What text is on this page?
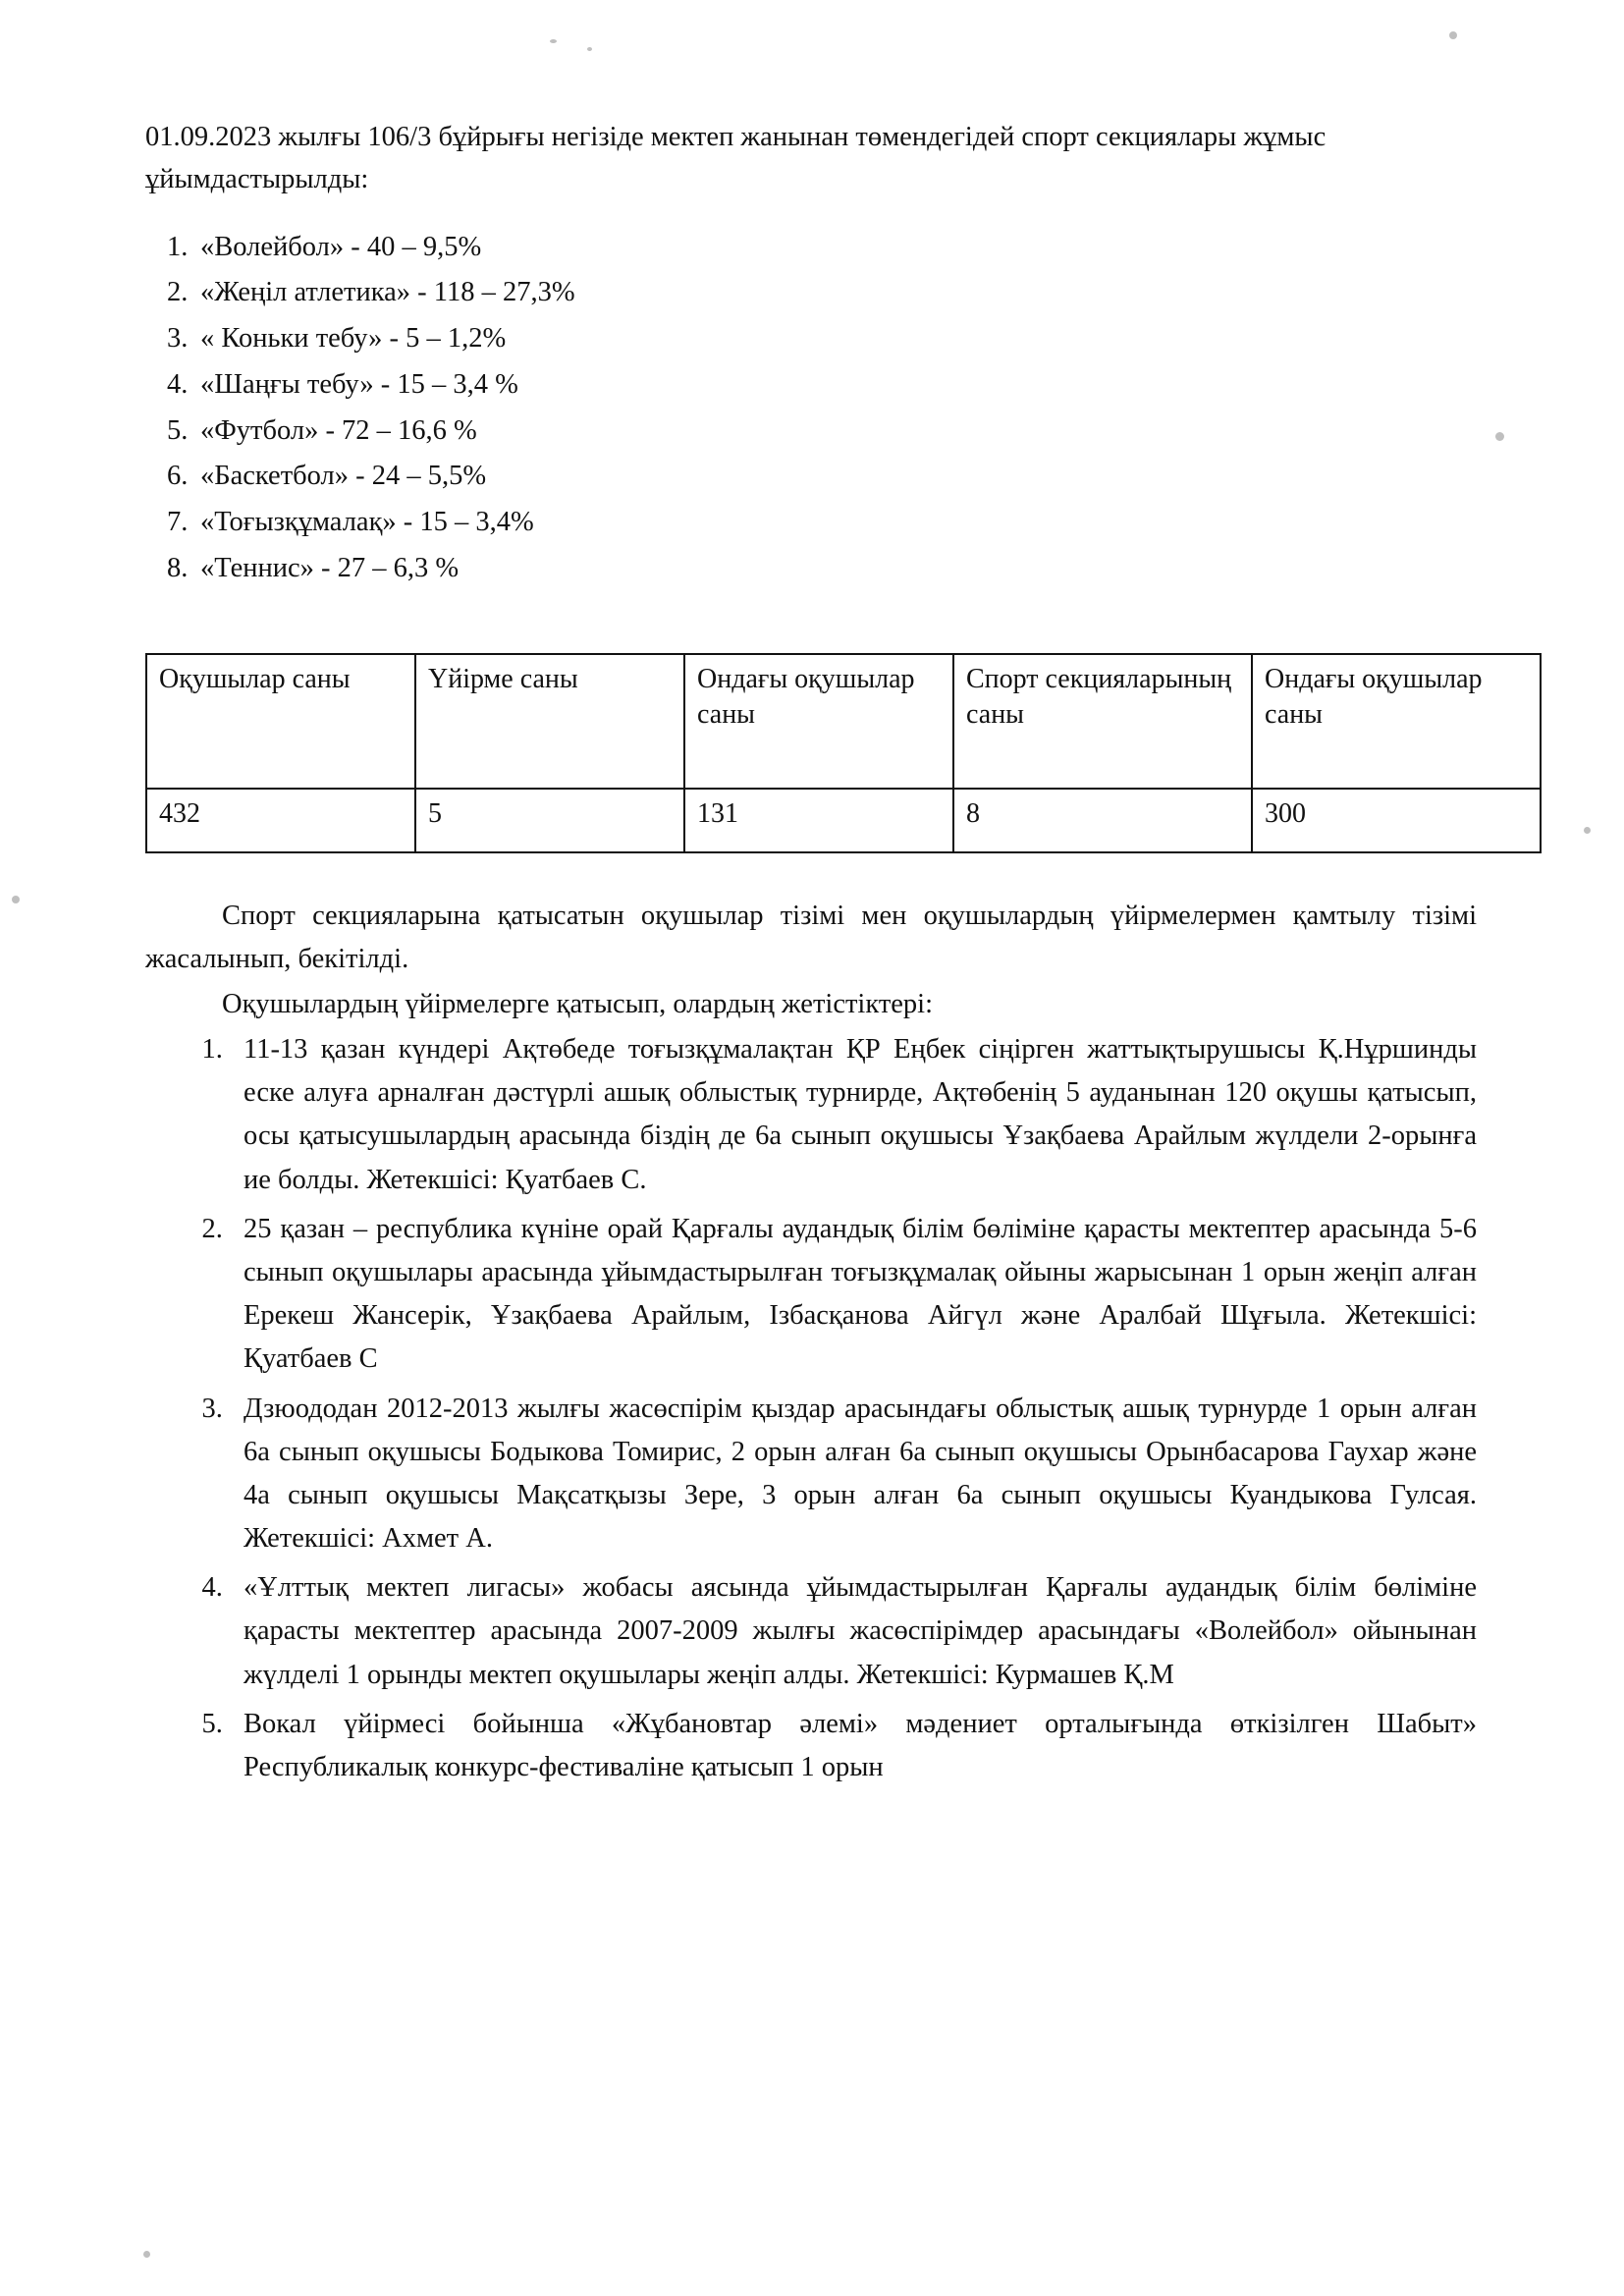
01.09.2023 жылғы 106/3 бұйрығы негізіде мектеп жанынан төмендегідей спорт секциялары жұмыс ұйымдастырылды:

1. «Волейбол» - 40 – 9,5%
2. «Жеңіл атлетика» - 118 – 27,3%
3. « Коньки тебу» - 5 – 1,2%
4. «Шаңғы тебу» - 15 – 3,4 %
5. «Футбол» - 72 – 16,6 %
6. «Баскетбол» - 24 – 5,5%
7. «Тоғызқұмалақ» - 15 – 3,4%
8. «Теннис» - 27 – 6,3 %
Оқушылар саны	Үйірме саны	Ондағы оқушылар саны	Спорт секцияларының саны	Ондағы оқушылар саны
432	5	131	8	300

Спорт секцияларына қатысатын оқушылар тізімі мен оқушылардың үйірмелермен қамтылу тізімі жасалынып, бекітілді.

Оқушылардың үйірмелерге қатысып, олардың жетістіктері:

1. 11-13 қазан күндері Ақтөбеде тоғызқұмалақтан ҚР Еңбек сіңірген жаттықтырушысы Қ.Нұршинды еске алуға арналған дәстүрлі ашық облыстық турнирде, Ақтөбенің 5 ауданынан 120 оқушы қатысып, осы қатысушылардың арасында біздің де 6а сынып оқушысы Ұзақбаева Арайлым жүлдели 2-орынға ие болды. Жетекшісі: Қуатбаев С.
2. 25 қазан – республика күніне орай Қарғалы аудандық білім бөліміне қарасты мектептер арасында 5-6 сынып оқушылары арасында ұйымдастырылған тоғызқұмалақ ойыны жарысынан 1 орын жеңіп алған Ерекеш Жансерік, Ұзақбаева Арайлым, Ізбасқанова Айгүл және Аралбай Шұғыла. Жетекшісі: Қуатбаев С
3. Дзюододан 2012-2013 жылғы жасөспірім қыздар арасындағы облыстық ашық турнурде 1 орын алған 6а сынып оқушысы Бодыкова Томирис, 2 орын алған 6а сынып оқушысы Орынбасарова Гаухар және 4а сынып оқушысы Мақсатқызы Зере, 3 орын алған 6а сынып оқушысы Куандыкова Гулсая. Жетекшісі: Ахмет А.
4. «Ұлттық мектеп лигасы» жобасы аясында ұйымдастырылған Қарғалы аудандық білім бөліміне қарасты мектептер арасында 2007-2009 жылғы жасөспірімдер арасындағы «Волейбол» ойынынан жүлделі 1 орынды мектеп оқушылары жеңіп алды. Жетекшісі: Курмашев Қ.М
5. Вокал үйірмесі бойынша «Жұбановтар әлемі» мәдениет орталығында өткізілген Шабыт» Республикалық конкурс-фестиваліне қатысып 1 орын
